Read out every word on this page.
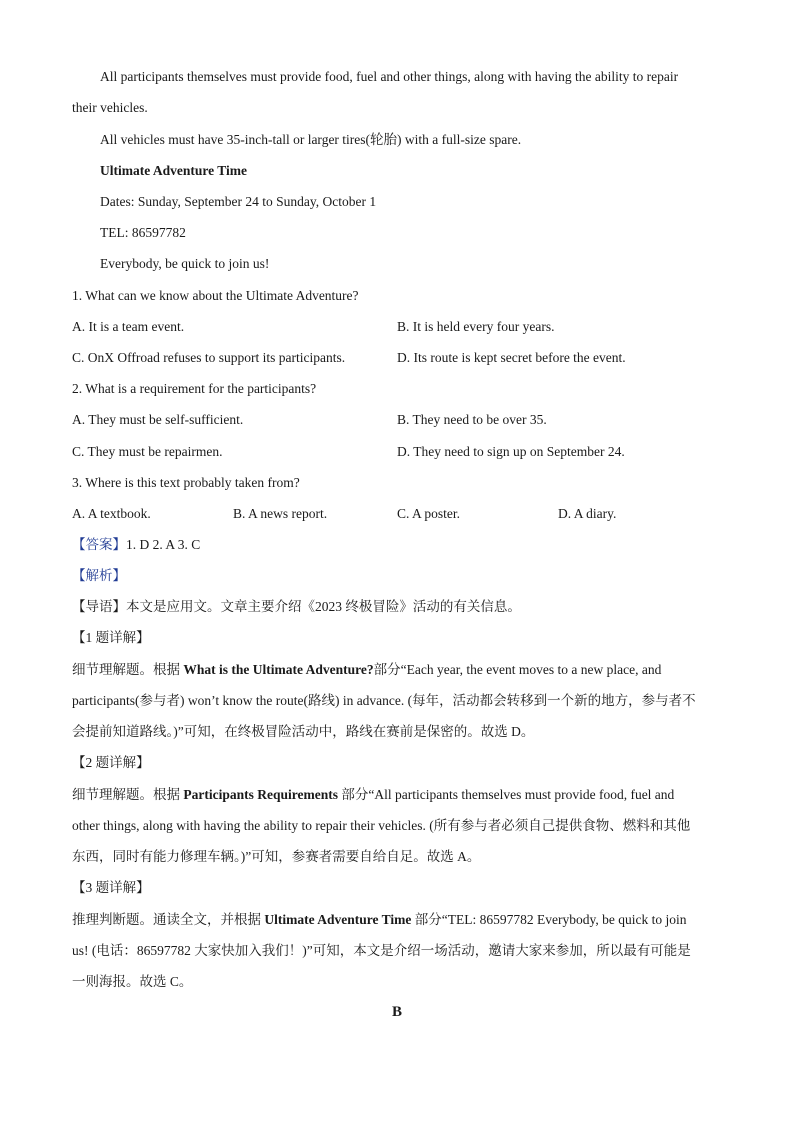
All participants themselves must provide food, fuel and other things, along with having the ability to repair
their vehicles.
All vehicles must have 35-inch-tall or larger tires(轮胎) with a full-size spare.
Ultimate Adventure Time
Dates: Sunday, September 24 to Sunday, October 1
TEL: 86597782
Everybody, be quick to join us!
1. What can we know about the Ultimate Adventure?
A. It is a team event.	B. It is held every four years.
C. OnX Offroad refuses to support its participants.	D. Its route is kept secret before the event.
2. What is a requirement for the participants?
A. They must be self-sufficient.	B. They need to be over 35.
C. They must be repairmen.	D. They need to sign up on September 24.
3. Where is this text probably taken from?
A. A textbook.	B. A news report.	C. A poster.	D. A diary.
【答案】1. D 2. A 3. C
【解析】
【导语】本文是应用文。文章主要介绍《2023 终极冒险》活动的有关信息。
【1 题详解】
细节理解题。根据 What is the Ultimate Adventure?部分“Each year, the event moves to a new place, and
participants(参与者) won’t know the route(路线) in advance. (每年，活动都会转移到一个新的地方，参与者不
会提前知道路线。)”可知，在终极冒险活动中，路线在赛前是保密的。故选 D。
【2 题详解】
细节理解题。根据 Participants Requirements 部分“All participants themselves must provide food, fuel and
other things, along with having the ability to repair their vehicles. (所有参与者必须自己提供食物、燃料和其他
东西，同时有能力修理车辆。)”可知，参赛者需要自给自足。故选 A。
【3 题详解】
推理判断题。通读全文，并根据 Ultimate Adventure Time 部分“TEL: 86597782 Everybody, be quick to join
us! (电话：86597782 大家快加入我们！)”可知，本文是介绍一场活动，邀请大家来参加，所以最有可能是
一则海报。故选 C。
B
